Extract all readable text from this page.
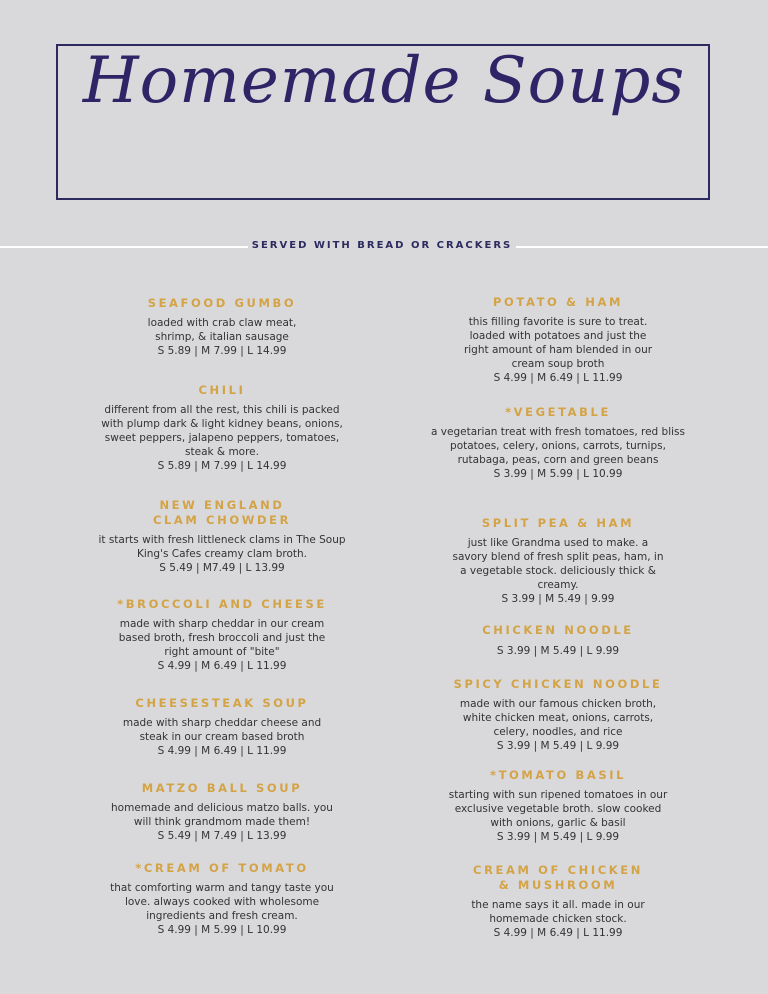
Homemade Soups
SERVED WITH BREAD OR CRACKERS
SEAFOOD GUMBO
loaded with crab claw meat, shrimp, & italian sausage
S 5.89 | M 7.99 | L 14.99
CHILI
different from all the rest, this chili is packed with plump dark & light kidney beans, onions, sweet peppers, jalapeno peppers, tomatoes, steak & more.
S 5.89 | M 7.99 | L 14.99
NEW ENGLAND CLAM CHOWDER
it starts with fresh littleneck clams in The Soup King's Cafes creamy clam broth.
S 5.49 | M7.49 | L 13.99
*BROCCOLI AND CHEESE
made with sharp cheddar in our cream based broth, fresh broccoli and just the right amount of "bite"
S 4.99 | M 6.49 | L 11.99
CHEESESTEAK SOUP
made with sharp cheddar cheese and steak in our cream based broth
S 4.99 | M 6.49 | L 11.99
MATZO BALL SOUP
homemade and delicious matzo balls. you will think grandmom made them!
S 5.49 | M 7.49 | L 13.99
*CREAM OF TOMATO
that comforting warm and tangy taste you love. always cooked with wholesome ingredients and fresh cream.
S 4.99 | M 5.99 | L 10.99
POTATO & HAM
this filling favorite is sure to treat. loaded with potatoes and just the right amount of ham blended in our cream soup broth
S 4.99 | M 6.49 | L 11.99
*VEGETABLE
a vegetarian treat with fresh tomatoes, red bliss potatoes, celery, onions, carrots, turnips, rutabaga, peas, corn and green beans
S 3.99 | M 5.99 | L 10.99
SPLIT PEA & HAM
just like Grandma used to make. a savory blend of fresh split peas, ham, in a vegetable stock. deliciously thick & creamy.
S 3.99 | M 5.49 | 9.99
CHICKEN NOODLE
S 3.99 | M 5.49 | L 9.99
SPICY CHICKEN NOODLE
made with our famous chicken broth, white chicken meat, onions, carrots, celery, noodles, and rice
S 3.99 | M 5.49 | L 9.99
*TOMATO BASIL
starting with sun ripened tomatoes in our exclusive vegetable broth. slow cooked with onions, garlic & basil
S 3.99 | M 5.49 | L 9.99
CREAM OF CHICKEN & MUSHROOM
the name says it all. made in our homemade chicken stock.
S 4.99 | M 6.49 | L 11.99
